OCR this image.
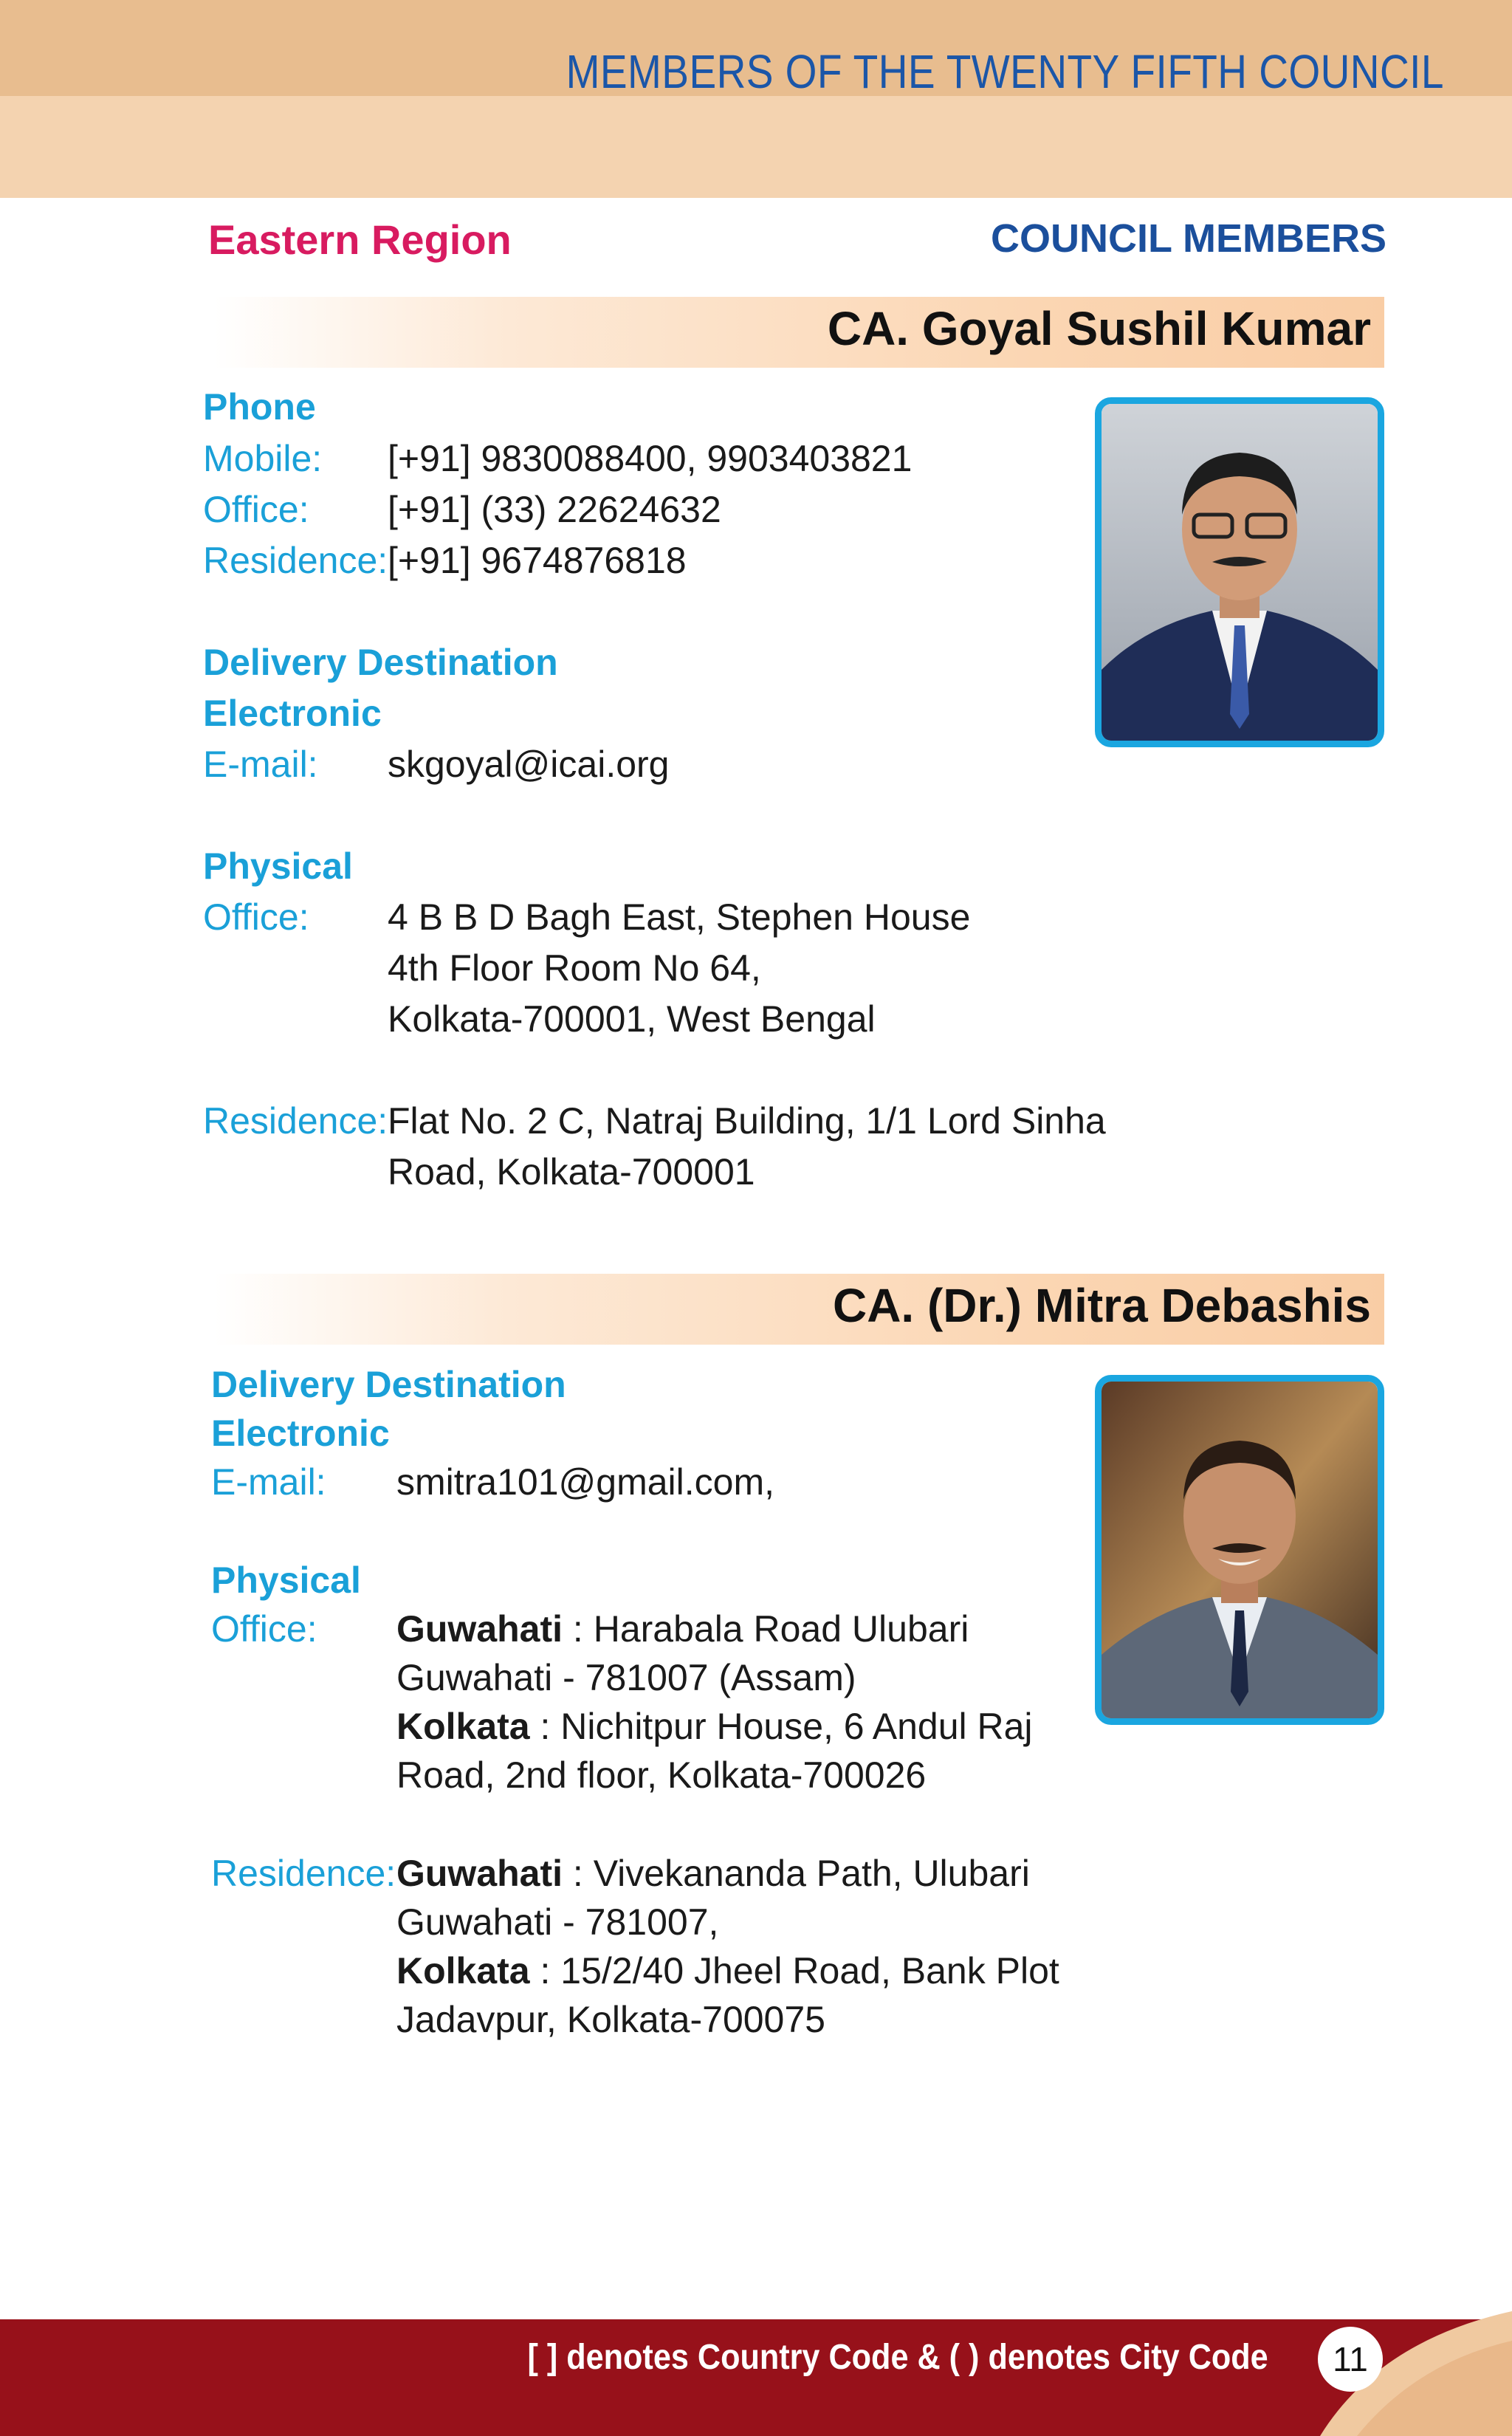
MEMBERS OF THE TWENTY FIFTH COUNCIL
Eastern Region	COUNCIL MEMBERS
CA. Goyal Sushil Kumar
Phone
Mobile: [+91] 9830088400, 9903403821
Office: [+91] (33) 22624632
Residence: [+91] 9674876818
Delivery Destination
Electronic
E-mail: skgoyal@icai.org
Physical
Office: 4 B B D Bagh East, Stephen House
4th Floor Room No 64,
Kolkata-700001, West Bengal
Residence: Flat No. 2 C, Natraj Building, 1/1 Lord Sinha
Road, Kolkata-700001
CA. (Dr.) Mitra Debashis
Delivery Destination
Electronic
E-mail: smitra101@gmail.com,
Physical
Office: Guwahati : Harabala Road Ulubari
Guwahati - 781007 (Assam)
Kolkata : Nichitpur House, 6 Andul Raj
Road, 2nd floor, Kolkata-700026
Residence: Guwahati : Vivekananda Path, Ulubari
Guwahati - 781007,
Kolkata : 15/2/40 Jheel Road, Bank Plot
Jadavpur, Kolkata-700075
[ ] denotes Country Code & ( ) denotes City Code	11
